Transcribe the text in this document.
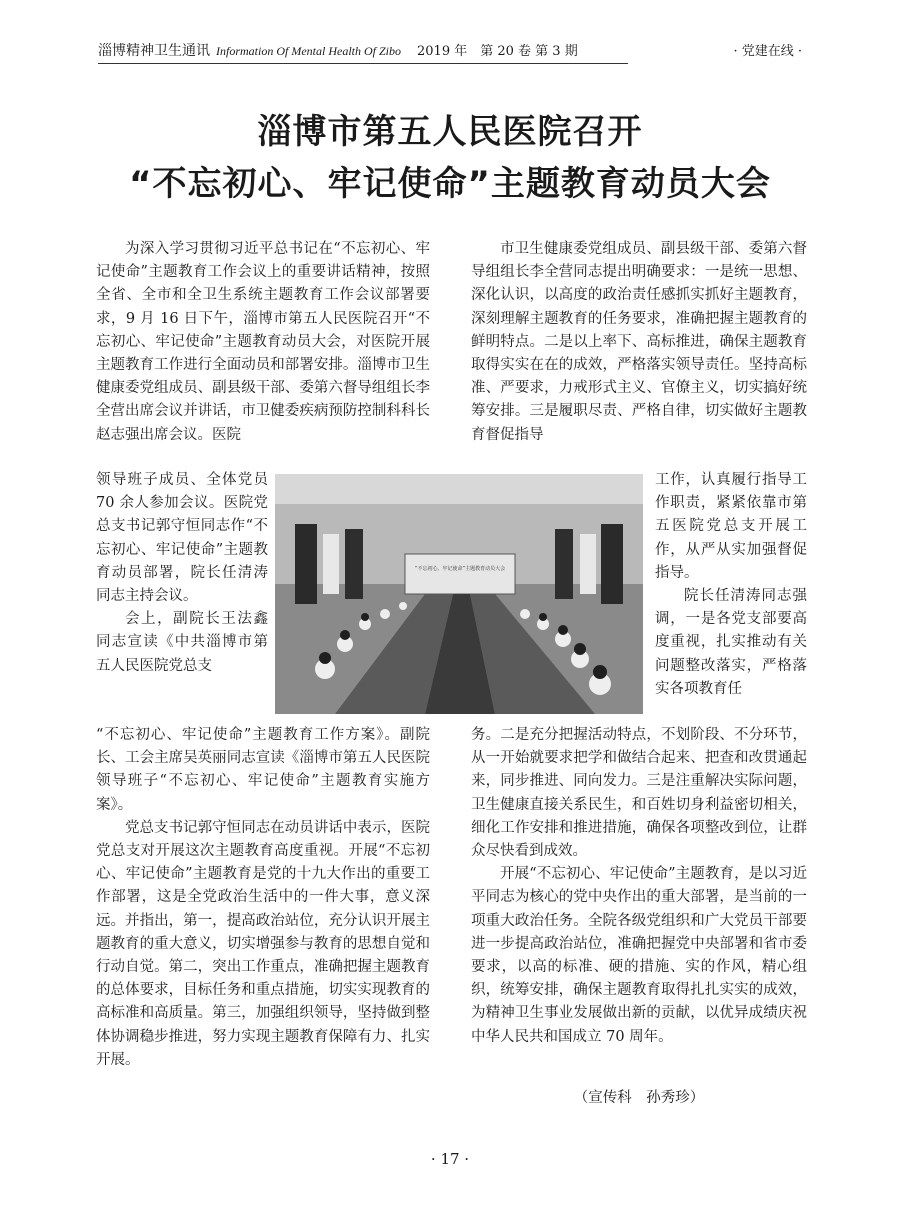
淄博精神卫生通讯 Information Of Mental Health Of Zibo 2019 年　第 20 卷 第 3 期	· 党建在线 ·
淄博市第五人民医院召开
“不忘初心、牢记使命”主题教育动员大会

为深入学习贯彻习近平总书记在“不忘初心、牢记使命”主题教育工作会议上的重要讲话精神，按照全省、全市和全卫生系统主题教育工作会议部署要求，9 月 16 日下午，淄博市第五人民医院召开“不忘初心、牢记使命”主题教育动员大会，对医院开展主题教育工作进行全面动员和部署安排。淄博市卫生健康委党组成员、副县级干部、委第六督导组组长李全营出席会议并讲话，市卫健委疾病预防控制科科长赵志强出席会议。医院

领导班子成员、全体党员 70 余人参加会议。医院党总支书记郭守恒同志作“不忘初心、牢记使命”主题教育动员部署，院长任清涛同志主持会议。

会上，副院长王法鑫同志宣读《中共淄博市第五人民医院党总支

“不忘初心、牢记使命”主题教育工作方案》。副院长、工会主席吴英丽同志宣读《淄博市第五人民医院领导班子“不忘初心、牢记使命”主题教育实施方案》。

党总支书记郭守恒同志在动员讲话中表示，医院党总支对开展这次主题教育高度重视。开展“不忘初心、牢记使命”主题教育是党的十九大作出的重要工作部署，这是全党政治生活中的一件大事，意义深远。并指出，第一，提高政治站位，充分认识开展主题教育的重大意义，切实增强参与教育的思想自觉和行动自觉。第二，突出工作重点，准确把握主题教育的总体要求，目标任务和重点措施，切实实现教育的高标准和高质量。第三，加强组织领导，坚持做到整体协调稳步推进，努力实现主题教育保障有力、扎实开展。

市卫生健康委党组成员、副县级干部、委第六督导组组长李全营同志提出明确要求：一是统一思想、深化认识，以高度的政治责任感抓实抓好主题教育，深刻理解主题教育的任务要求，准确把握主题教育的鲜明特点。二是以上率下、高标推进，确保主题教育取得实实在在的成效，严格落实领导责任。坚持高标准、严要求，力戒形式主义、官僚主义，切实搞好统筹安排。三是履职尽责、严格自律，切实做好主题教育督促指导

工作，认真履行指导工作职责，紧紧依靠市第五医院党总支开展工作，从严从实加强督促指导。

院长任清涛同志强调，一是各党支部要高度重视，扎实推动有关问题整改落实，严格落实各项教育任

务。二是充分把握活动特点，不划阶段、不分环节，从一开始就要求把学和做结合起来、把查和改贯通起来，同步推进、同向发力。三是注重解决实际问题，卫生健康直接关系民生，和百姓切身利益密切相关，细化工作安排和推进措施，确保各项整改到位，让群众尽快看到成效。

开展“不忘初心、牢记使命”主题教育，是以习近平同志为核心的党中央作出的重大部署，是当前的一项重大政治任务。全院各级党组织和广大党员干部要进一步提高政治站位，准确把握党中央部署和省市委要求，以高的标准、硬的措施、实的作风，精心组织，统筹安排，确保主题教育取得扎扎实实的成效，为精神卫生事业发展做出新的贡献，以优异成绩庆祝中华人民共和国成立 70 周年。

“不忘初心、牢记使命”主题教育动员大会
（宣传科　孙秀珍）
· 17 ·
